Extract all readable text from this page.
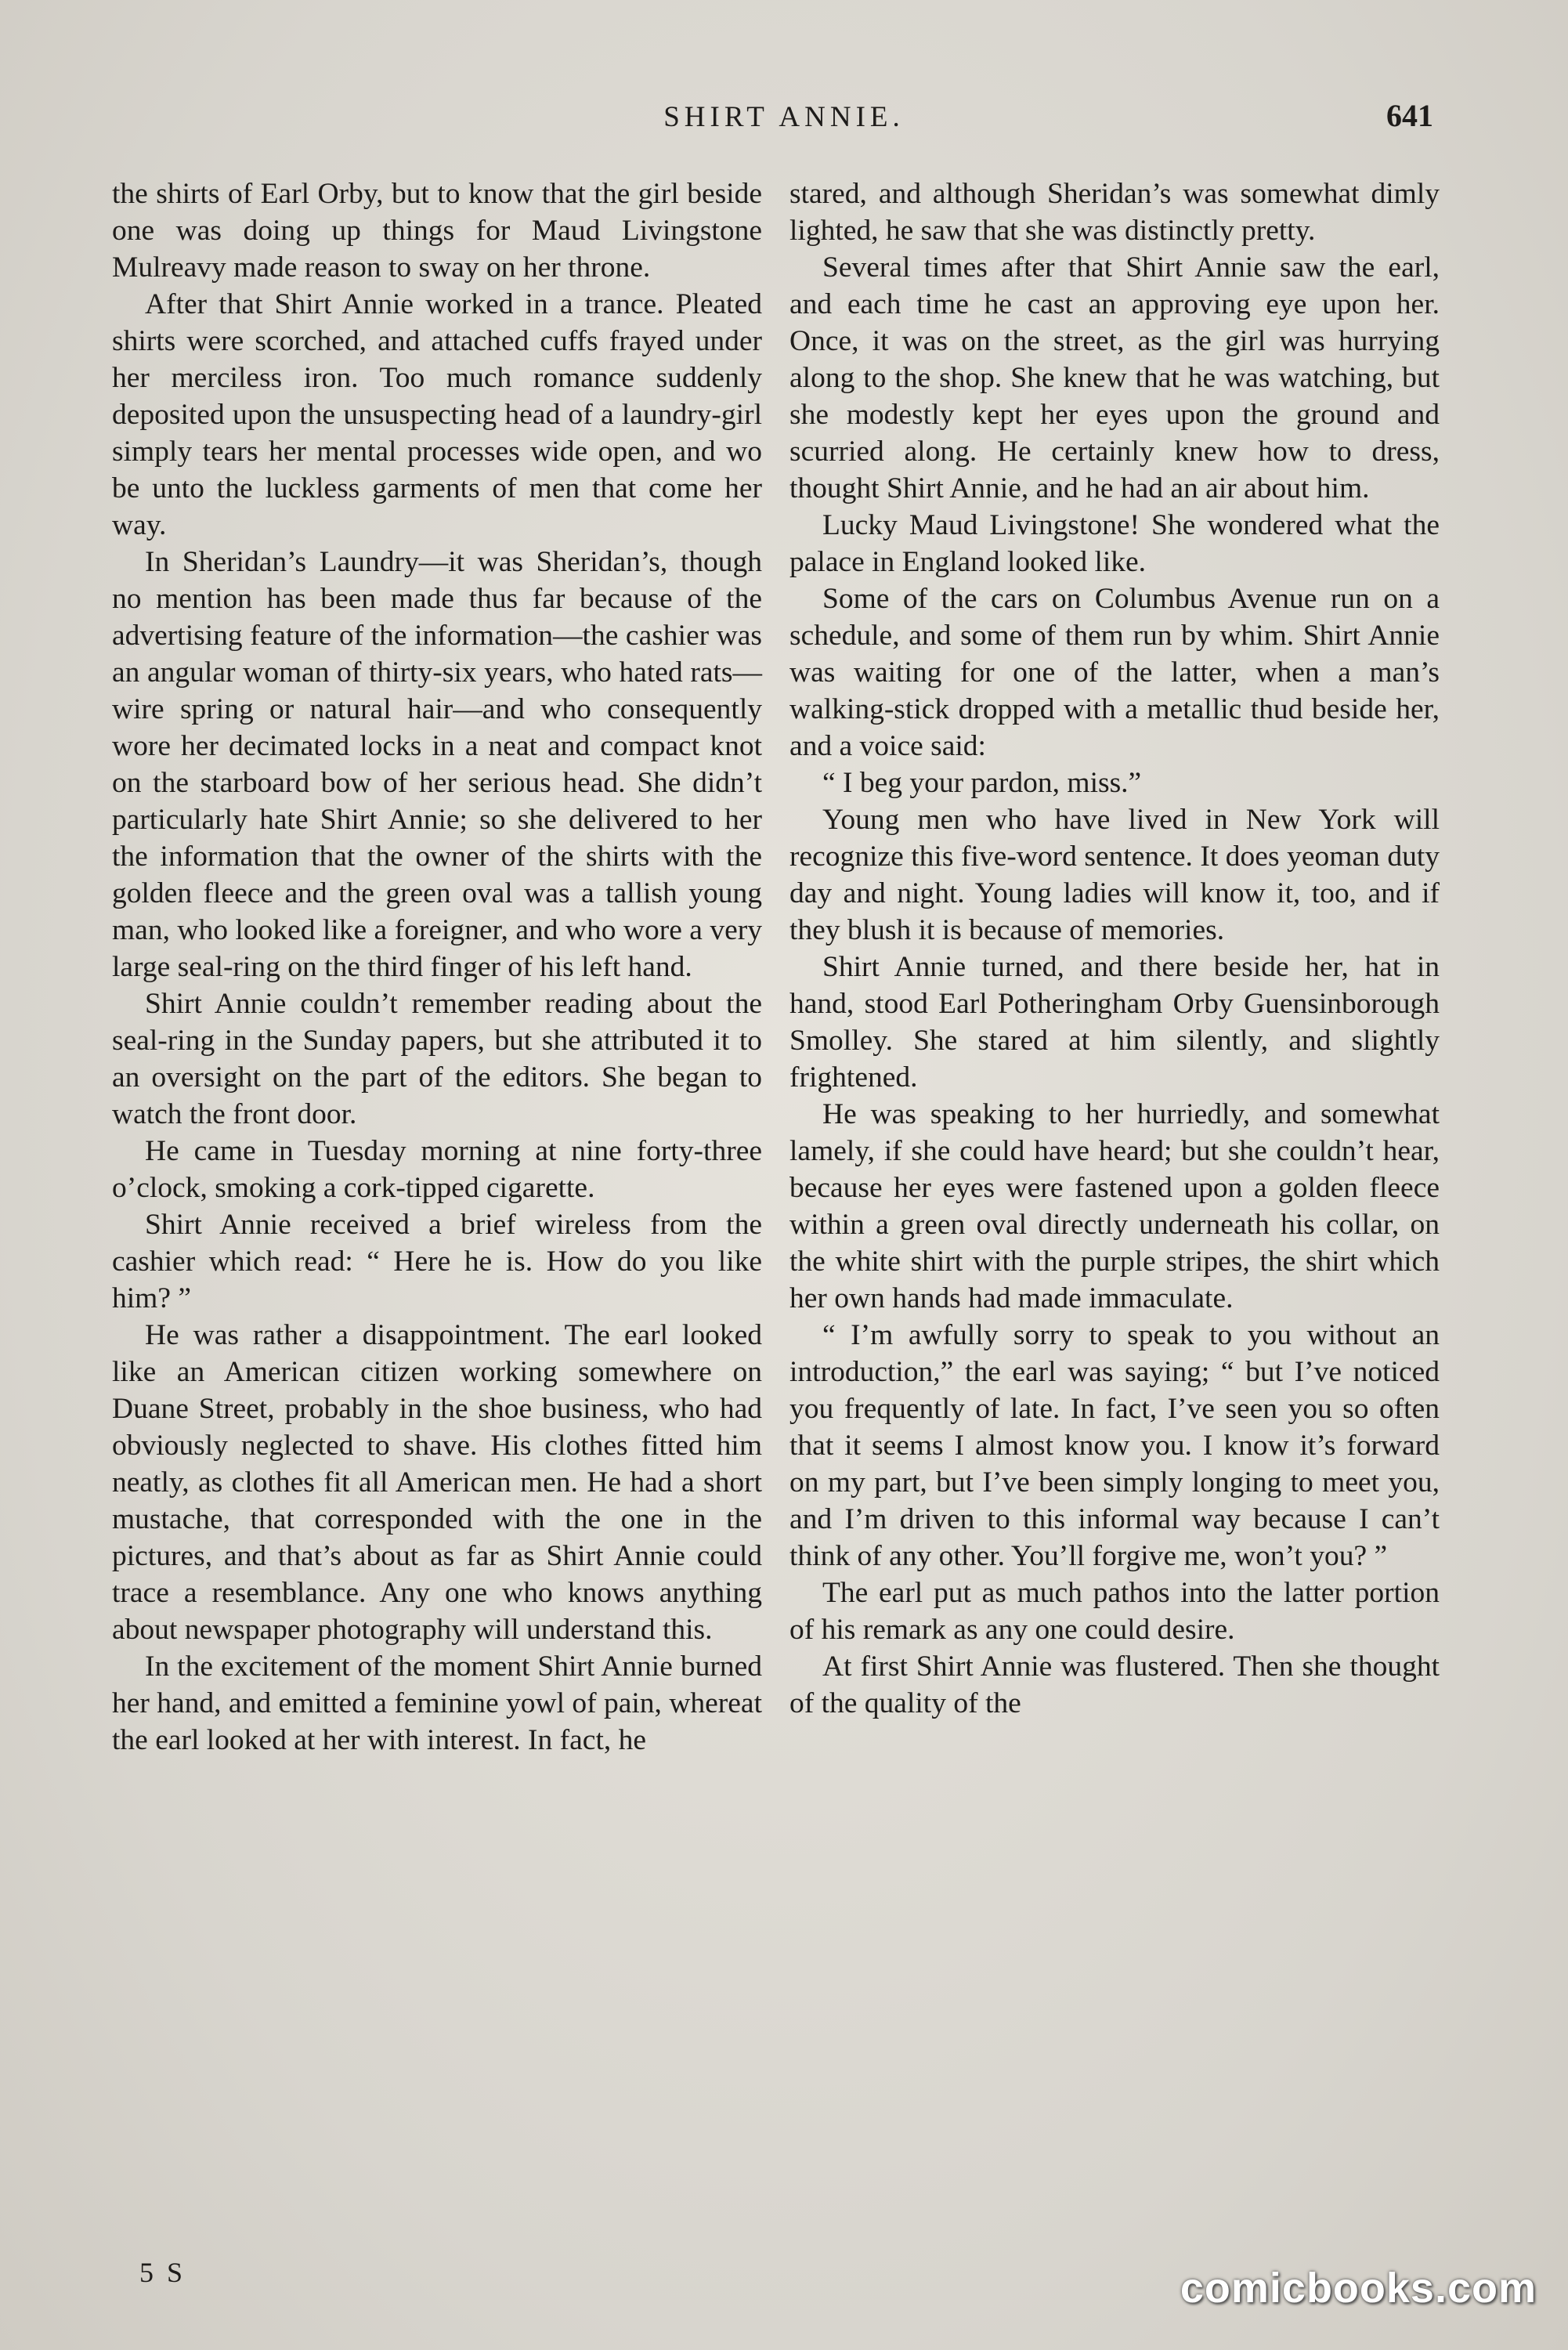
SHIRT ANNIE.	641

the shirts of Earl Orby, but to know that the girl beside one was doing up things for Maud Livingstone Mulreavy made reason to sway on her throne.

After that Shirt Annie worked in a trance. Pleated shirts were scorched, and attached cuffs frayed under her merciless iron. Too much romance suddenly deposited upon the unsuspecting head of a laundry-girl simply tears her mental processes wide open, and wo be unto the luckless garments of men that come her way.

In Sheridan’s Laundry—it was Sheridan’s, though no mention has been made thus far because of the advertising feature of the information—the cashier was an angular woman of thirty-six years, who hated rats—wire spring or natural hair—and who consequently wore her decimated locks in a neat and compact knot on the starboard bow of her serious head. She didn’t particularly hate Shirt Annie; so she delivered to her the information that the owner of the shirts with the golden fleece and the green oval was a tallish young man, who looked like a foreigner, and who wore a very large seal-ring on the third finger of his left hand.

Shirt Annie couldn’t remember reading about the seal-ring in the Sunday papers, but she attributed it to an oversight on the part of the editors. She began to watch the front door.

He came in Tuesday morning at nine forty-three o’clock, smoking a cork-tipped cigarette.

Shirt Annie received a brief wireless from the cashier which read: “ Here he is. How do you like him? ”

He was rather a disappointment. The earl looked like an American citizen working somewhere on Duane Street, probably in the shoe business, who had obviously neglected to shave. His clothes fitted him neatly, as clothes fit all American men. He had a short mustache, that corresponded with the one in the pictures, and that’s about as far as Shirt Annie could trace a resemblance. Any one who knows anything about newspaper photography will understand this.

In the excitement of the moment Shirt Annie burned her hand, and emitted a feminine yowl of pain, whereat the earl looked at her with interest. In fact, he

stared, and although Sheridan’s was somewhat dimly lighted, he saw that she was distinctly pretty.

Several times after that Shirt Annie saw the earl, and each time he cast an approving eye upon her. Once, it was on the street, as the girl was hurrying along to the shop. She knew that he was watching, but she modestly kept her eyes upon the ground and scurried along. He certainly knew how to dress, thought Shirt Annie, and he had an air about him.

Lucky Maud Livingstone! She wondered what the palace in England looked like.

Some of the cars on Columbus Avenue run on a schedule, and some of them run by whim. Shirt Annie was waiting for one of the latter, when a man’s walking-stick dropped with a metallic thud beside her, and a voice said:

“ I beg your pardon, miss.”

Young men who have lived in New York will recognize this five-word sentence. It does yeoman duty day and night. Young ladies will know it, too, and if they blush it is because of memories.

Shirt Annie turned, and there beside her, hat in hand, stood Earl Potheringham Orby Guensinborough Smolley. She stared at him silently, and slightly frightened.

He was speaking to her hurriedly, and somewhat lamely, if she could have heard; but she couldn’t hear, because her eyes were fastened upon a golden fleece within a green oval directly underneath his collar, on the white shirt with the purple stripes, the shirt which her own hands had made immaculate.

“ I’m awfully sorry to speak to you without an introduction,” the earl was saying; “ but I’ve noticed you frequently of late. In fact, I’ve seen you so often that it seems I almost know you. I know it’s forward on my part, but I’ve been simply longing to meet you, and I’m driven to this informal way because I can’t think of any other. You’ll forgive me, won’t you? ”

The earl put as much pathos into the latter portion of his remark as any one could desire.

At first Shirt Annie was flustered. Then she thought of the quality of the

5 S	comicbooks.com
